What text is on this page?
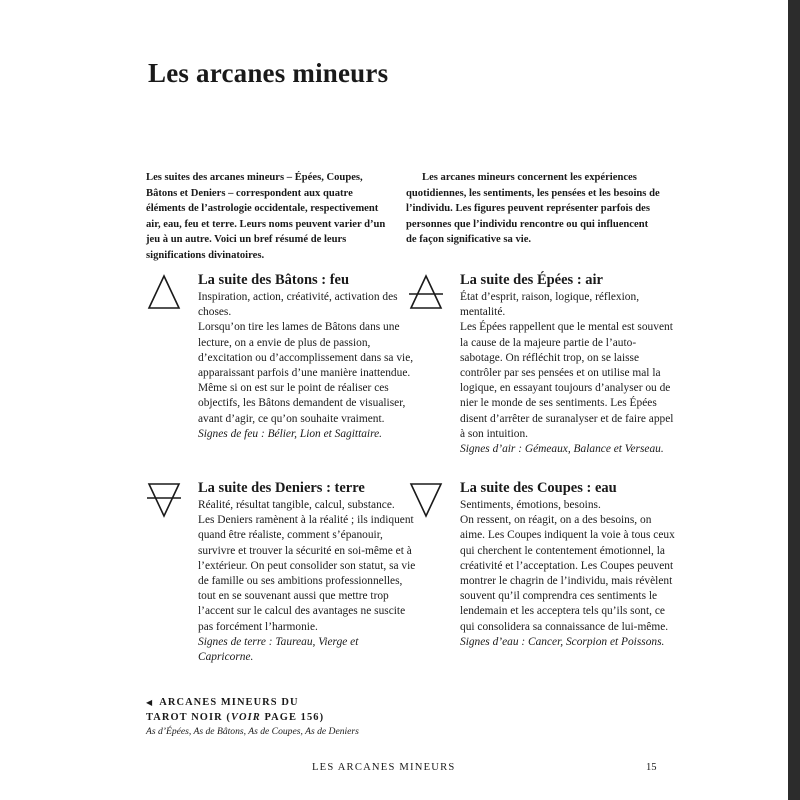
Les arcanes mineurs

Les suites des arcanes mineurs – Épées, Coupes, Bâtons et Deniers – correspondent aux quatre éléments de l’astrologie occidentale, respectivement air, eau, feu et terre. Leurs noms peuvent varier d’un jeu à un autre. Voici un bref résumé de leurs significations divinatoires.

Les arcanes mineurs concernent les expériences quotidiennes, les sentiments, les pensées et les besoins de l’individu. Les figures peuvent représenter parfois des personnes que l’individu rencontre ou qui influencent de façon significative sa vie.

La suite des Bâtons : feu

Inspiration, action, créativité, activation des choses.

Lorsqu’on tire les lames de Bâtons dans une lecture, on a envie de plus de passion, d’excitation ou d’accomplissement dans sa vie, apparaissant parfois d’une manière inattendue. Même si on est sur le point de réaliser ces objectifs, les Bâtons demandent de visualiser, avant d’agir, ce qu’on souhaite vraiment.

Signes de feu : Bélier, Lion et Sagittaire.

La suite des Épées : air

État d’esprit, raison, logique, réflexion, mentalité.

Les Épées rappellent que le mental est souvent la cause de la majeure partie de l’auto-sabotage. On réfléchit trop, on se laisse contrôler par ses pensées et on utilise mal la logique, en essayant toujours d’analyser ou de nier le monde de ses sentiments. Les Épées disent d’arrêter de suranalyser et de faire appel à son intuition.

Signes d’air : Gémeaux, Balance et Verseau.

La suite des Deniers : terre

Réalité, résultat tangible, calcul, substance.

Les Deniers ramènent à la réalité ; ils indiquent quand être réaliste, comment s’épanouir, survivre et trouver la sécurité en soi-même et à l’extérieur. On peut consolider son statut, sa vie de famille ou ses ambitions professionnelles, tout en se souvenant aussi que mettre trop l’accent sur le calcul des avantages ne suscite pas forcément l’harmonie.

Signes de terre : Taureau, Vierge et Capricorne.

La suite des Coupes : eau

Sentiments, émotions, besoins.

On ressent, on réagit, on a des besoins, on aime. Les Coupes indiquent la voie à tous ceux qui cherchent le contentement émotionnel, la créativité et l’acceptation. Les Coupes peuvent montrer le chagrin de l’individu, mais révèlent souvent qu’il comprendra ces sentiments le lendemain et les acceptera tels qu’ils sont, ce qui consolidera sa connaissance de lui-même.

Signes d’eau : Cancer, Scorpion et Poissons.

◀ ARCANES MINEURS DU
TAROT NOIR (VOIR PAGE 156)

As d’Épées, As de Bâtons, As de Coupes, As de Deniers

LES ARCANES MINEURS	15
